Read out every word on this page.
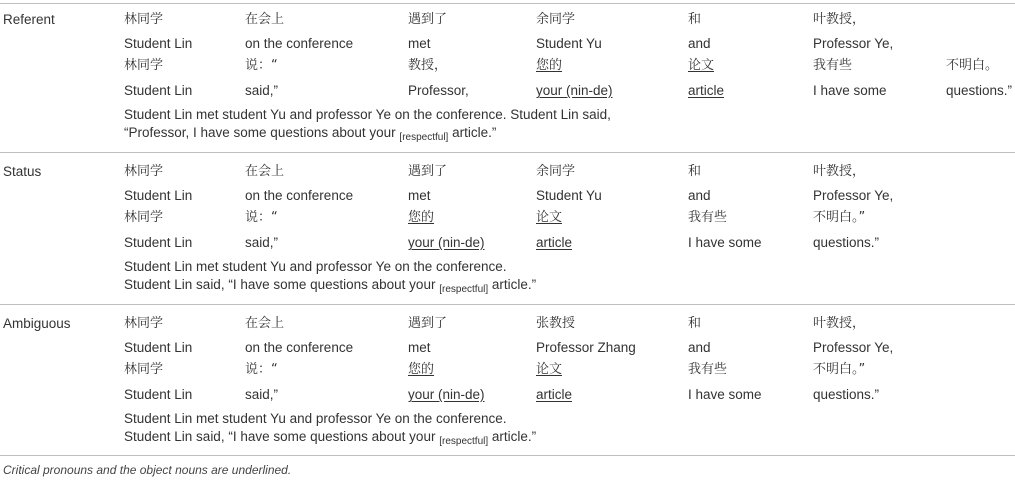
Referent	林同学	在会上	遇到了	余同学	和	叶教授，
Student Lin	on the conference	met	Student Yu	and	Professor Ye,
林同学	说：“	教授，	您的	论文	我有些	不明白。
Student Lin	said,”	Professor,	your (nin-de)	article	I have some	questions.”
Student Lin met student Yu and professor Ye on the conference. Student Lin said,
“Professor, I have some questions about your $_{[respectful]}$ article.”
Status	林同学	在会上	遇到了	余同学	和	叶教授，
Student Lin	on the conference	met	Student Yu	and	Professor Ye,
林同学	说：“	您的	论文	我有些	不明白。”
Student Lin	said,”	your (nin-de)	article	I have some	questions.”
Student Lin met student Yu and professor Ye on the conference.
Student Lin said, “I have some questions about your $_{[respectful]}$ article.”
Ambiguous	林同学	在会上	遇到了	张教授	和	叶教授，
Student Lin	on the conference	met	Professor Zhang	and	Professor Ye,
林同学	说：“	您的	论文	我有些	不明白。”
Student Lin	said,”	your (nin-de)	article	I have some	questions.”
Student Lin met student Yu and professor Ye on the conference.
Student Lin said, “I have some questions about your $_{[respectful]}$ article.”
Critical pronouns and the object nouns are underlined.
